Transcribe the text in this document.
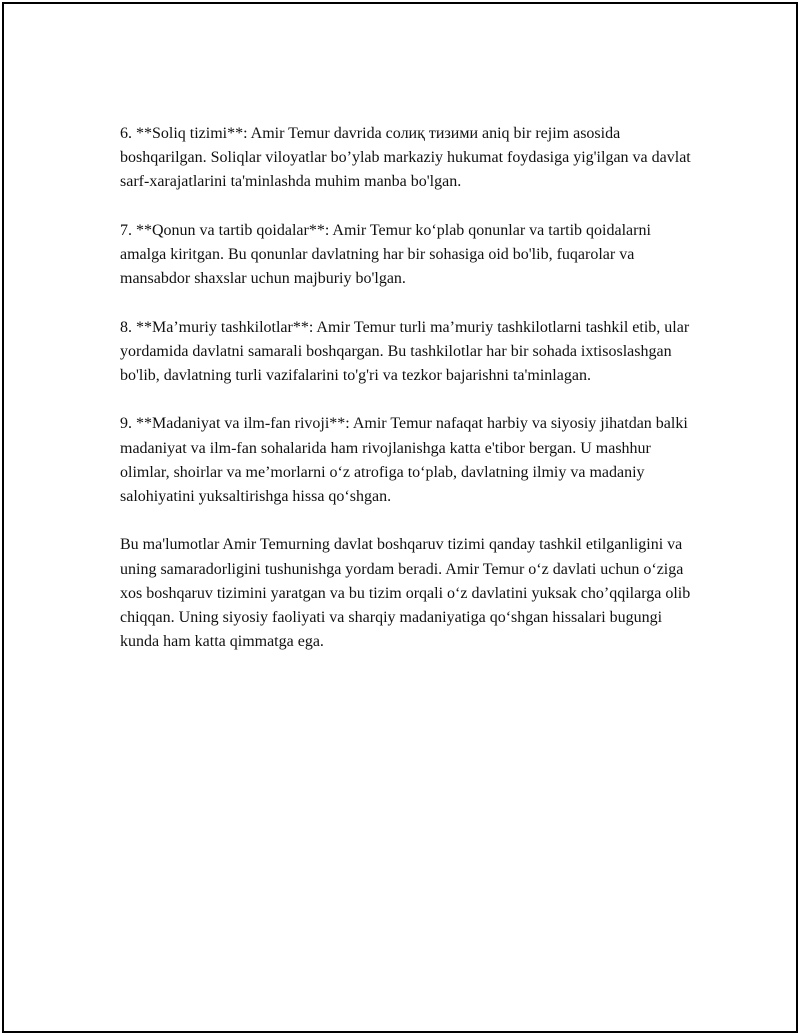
6. **Soliq tizimi**: Amir Temur davrida солиқ тизими aniq bir rejim asosida boshqarilgan. Soliqlar viloyatlar bo’ylab markaziy hukumat foydasiga yig'ilgan va davlat sarf-xarajatlarini ta'minlashda muhim manba bo'lgan.

7. **Qonun va tartib qoidalar**: Amir Temur ko‘plab qonunlar va tartib qoidalarni amalga kiritgan. Bu qonunlar davlatning har bir sohasiga oid bo'lib, fuqarolar va mansabdor shaxslar uchun majburiy bo'lgan.

8. **Ma’muriy tashkilotlar**: Amir Temur turli ma’muriy tashkilotlarni tashkil etib, ular yordamida davlatni samarali boshqargan. Bu tashkilotlar har bir sohada ixtisoslashgan bo'lib, davlatning turli vazifalarini to'g'ri va tezkor bajarishni ta'minlagan.

9. **Madaniyat va ilm-fan rivoji**: Amir Temur nafaqat harbiy va siyosiy jihatdan balki madaniyat va ilm-fan sohalarida ham rivojlanishga katta e'tibor bergan. U mashhur olimlar, shoirlar va me’morlarni o‘z atrofiga to‘plab, davlatning ilmiy va madaniy salohiyatini yuksaltirishga hissa qo‘shgan.

Bu ma'lumotlar Amir Temurning davlat boshqaruv tizimi qanday tashkil etilganligini va uning samaradorligini tushunishga yordam beradi. Amir Temur o‘z davlati uchun o‘ziga xos boshqaruv tizimini yaratgan va bu tizim orqali o‘z davlatini yuksak cho’qqilarga olib chiqqan. Uning siyosiy faoliyati va sharqiy madaniyatiga qo‘shgan hissalari bugungi kunda ham katta qimmatga ega.
